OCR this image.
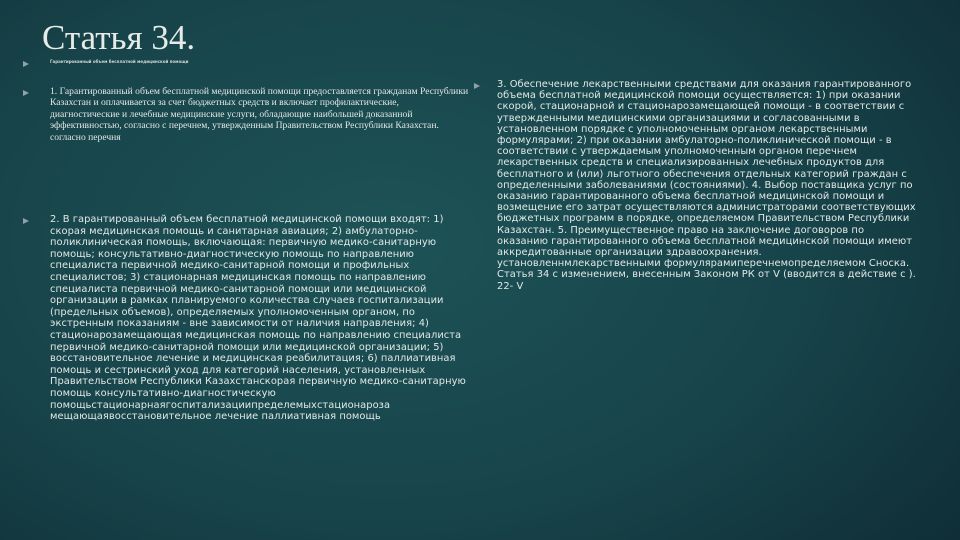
Статья 34.

Гарантированный объем бесплатной медицинской помощи

1. Гарантированный объем бесплатной медицинской помощи предоставляется гражданам Республики Казахстан и оплачивается за счет бюджетных средств и включает профилактические, диагностические и лечебные медицинские услуги, обладающие наибольшей доказанной эффективностью, согласно с перечнем, утвержденным Правительством Республики Казахстан. согласно перечня

2. В гарантированный объем бесплатной медицинской помощи входят: 1) скорая медицинская помощь и санитарная авиация; 2) амбулаторно-поликлиническая помощь, включающая: первичную медико-санитарную помощь; консультативно-диагностическую помощь по направлению специалиста первичной медико-санитарной помощи и профильных специалистов; 3) стационарная медицинская помощь по направлению специалиста первичной медико-санитарной помощи или медицинской организации в рамках планируемого количества случаев госпитализации (предельных объемов), определяемых уполномоченным органом, по экстренным показаниям - вне зависимости от наличия направления; 4) стационарозамещающая медицинская помощь по направлению специалиста первичной медико-санитарной помощи или медицинской организации; 5) восстановительное лечение и медицинская реабилитация; 6) паллиативная помощь и сестринский уход для категорий населения, установленных Правительством Республики Казахстанскорая первичную медико-санитарную помощь консультативно-диагностическую помощьстационарнаягоспитализациипределемыхстационароза мещающаявосстановительное лечение паллиативная помощь

3. Обеспечение лекарственными средствами для оказания гарантированного объема бесплатной медицинской помощи осуществляется: 1) при оказании скорой, стационарной и стационарозамещающей помощи - в соответствии с утвержденными медицинскими организациями и согласованными в установленном порядке с уполномоченным органом лекарственными формулярами; 2) при оказании амбулаторно-поликлинической помощи - в соответствии с утверждаемым уполномоченным органом перечнем лекарственных средств и специализированных лечебных продуктов для бесплатного и (или) льготного обеспечения отдельных категорий граждан с определенными заболеваниями (состояниями). 4. Выбор поставщика услуг по оказанию гарантированного объема бесплатной медицинской помощи и возмещение его затрат осуществляются администраторами соответствующих бюджетных программ в порядке, определяемом Правительством Республики Казахстан. 5. Преимущественное право на заключение договоров по оказанию гарантированного объема бесплатной медицинской помощи имеют аккредитованные организации здравоохранения. установленнмлекарственными формулярамиперечнемопределяемом Сноска. Статья 34 с изменением, внесенным Законом РК от V (вводится в действие с ). 22- V
